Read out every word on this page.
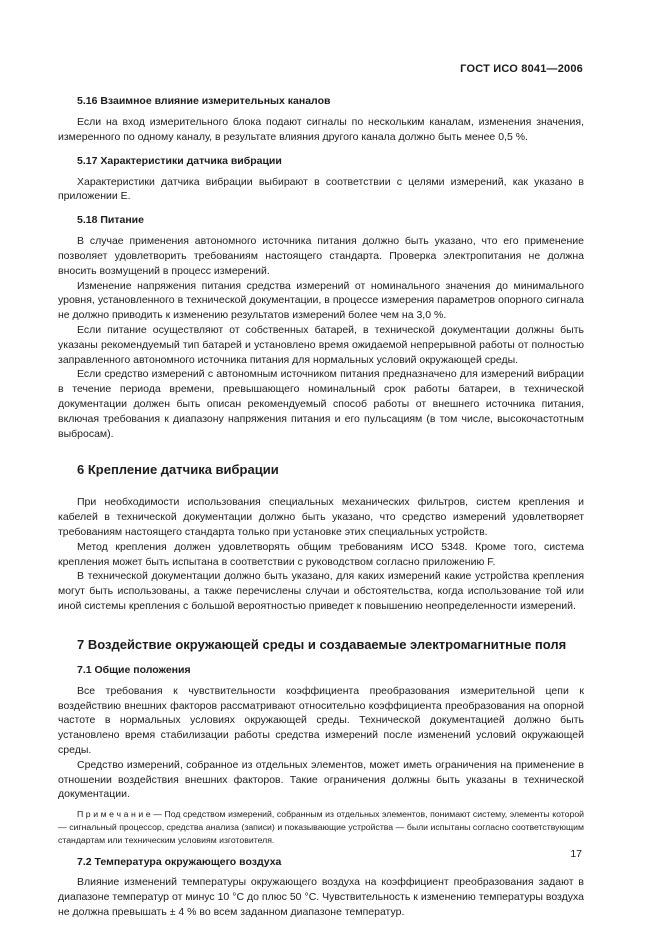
ГОСТ ИСО 8041—2006
5.16 Взаимное влияние измерительных каналов

Если на вход измерительного блока подают сигналы по нескольким каналам, изменения значения, измеренного по одному каналу, в результате влияния другого канала должно быть менее 0,5 %.

5.17 Характеристики датчика вибрации

Характеристики датчика вибрации выбирают в соответствии с целями измерений, как указано в приложении Е.

5.18 Питание

В случае применения автономного источника питания должно быть указано, что его применение позволяет удовлетворить требованиям настоящего стандарта. Проверка электропитания не должна вносить возмущений в процесс измерений.

Изменение напряжения питания средства измерений от номинального значения до минимального уровня, установленного в технической документации, в процессе измерения параметров опорного сигнала не должно приводить к изменению результатов измерений более чем на 3,0 %.

Если питание осуществляют от собственных батарей, в технической документации должны быть указаны рекомендуемый тип батарей и установлено время ожидаемой непрерывной работы от полностью заправленного автономного источника питания для нормальных условий окружающей среды.

Если средство измерений с автономным источником питания предназначено для измерений вибрации в течение периода времени, превышающего номинальный срок работы батареи, в технической документации должен быть описан рекомендуемый способ работы от внешнего источника питания, включая требования к диапазону напряжения питания и его пульсациям (в том числе, высокочастотным выбросам).

6 Крепление датчика вибрации

При необходимости использования специальных механических фильтров, систем крепления и кабелей в технической документации должно быть указано, что средство измерений удовлетворяет требованиям настоящего стандарта только при установке этих специальных устройств.

Метод крепления должен удовлетворять общим требованиям ИСО 5348. Кроме того, система крепления может быть испытана в соответствии с руководством согласно приложению F.

В технической документации должно быть указано, для каких измерений какие устройства крепления могут быть использованы, а также перечислены случаи и обстоятельства, когда использование той или иной системы крепления с большой вероятностью приведет к повышению неопределенности измерений.

7 Воздействие окружающей среды и создаваемые электромагнитные поля
7.1 Общие положения

Все требования к чувствительности коэффициента преобразования измерительной цепи к воздействию внешних факторов рассматривают относительно коэффициента преобразования на опорной частоте в нормальных условиях окружающей среды. Технической документацией должно быть установлено время стабилизации работы средства измерений после изменений условий окружающей среды.

Средство измерений, собранное из отдельных элементов, может иметь ограничения на применение в отношении воздействия внешних факторов. Такие ограничения должны быть указаны в технической документации.

П р и м е ч а н и е — Под средством измерений, собранным из отдельных элементов, понимают систему, элементы которой — сигнальный процессор, средства анализа (записи) и показывающие устройства — были испытаны согласно соответствующим стандартам или техническим условиям изготовителя.

7.2 Температура окружающего воздуха

Влияние изменений температуры окружающего воздуха на коэффициент преобразования задают в диапазоне температур от минус 10 °C до плюс 50 °C. Чувствительность к изменению температуры воздуха не должна превышать ± 4 % во всем заданном диапазоне температур.

17
